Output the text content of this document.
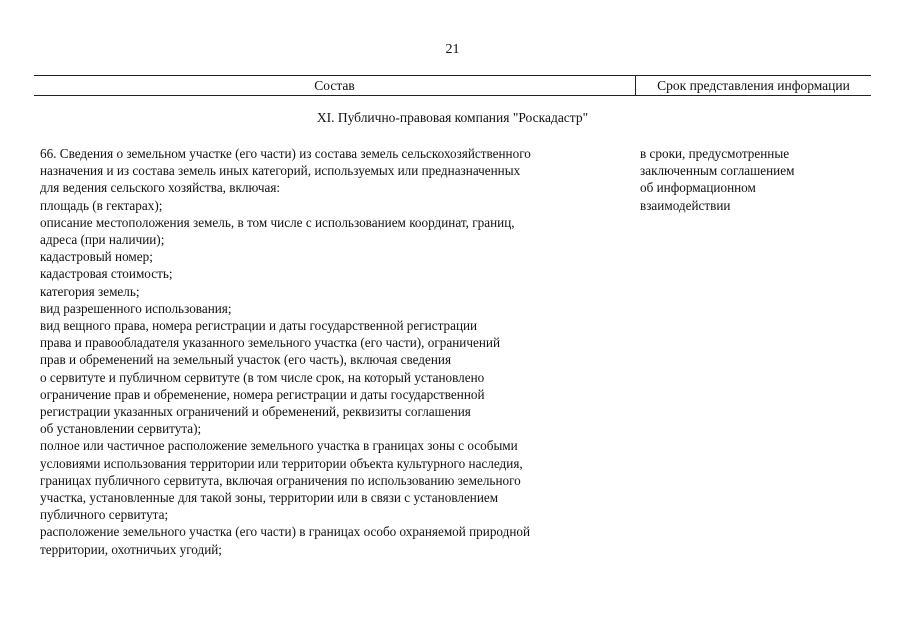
21
Состав	Срок представления информации
XI. Публично-правовая компания "Роскадастр"
66. Сведения о земельном участке (его части) из состава земель сельскохозяйственного
назначения и из состава земель иных категорий, используемых или предназначенных
для ведения сельского хозяйства, включая:
площадь (в гектарах);
описание местоположения земель, в том числе с использованием координат, границ,
адреса (при наличии);
кадастровый номер;
кадастровая стоимость;
категория земель;
вид разрешенного использования;
вид вещного права, номера регистрации и даты государственной регистрации
права и правообладателя указанного земельного участка (его части), ограничений
прав и обременений на земельный участок (его часть), включая сведения
о сервитуте и публичном сервитуте (в том числе срок, на который установлено
ограничение прав и обременение, номера регистрации и даты государственной
регистрации указанных ограничений и обременений, реквизиты соглашения
об установлении сервитута);
полное или частичное расположение земельного участка в границах зоны с особыми
условиями использования территории или территории объекта культурного наследия,
границах публичного сервитута, включая ограничения по использованию земельного
участка, установленные для такой зоны, территории или в связи с установлением
публичного сервитута;
расположение земельного участка (его части) в границах особо охраняемой природной
территории, охотничьих угодий;
в сроки, предусмотренные
заключенным соглашением
об информационном
взаимодействии
